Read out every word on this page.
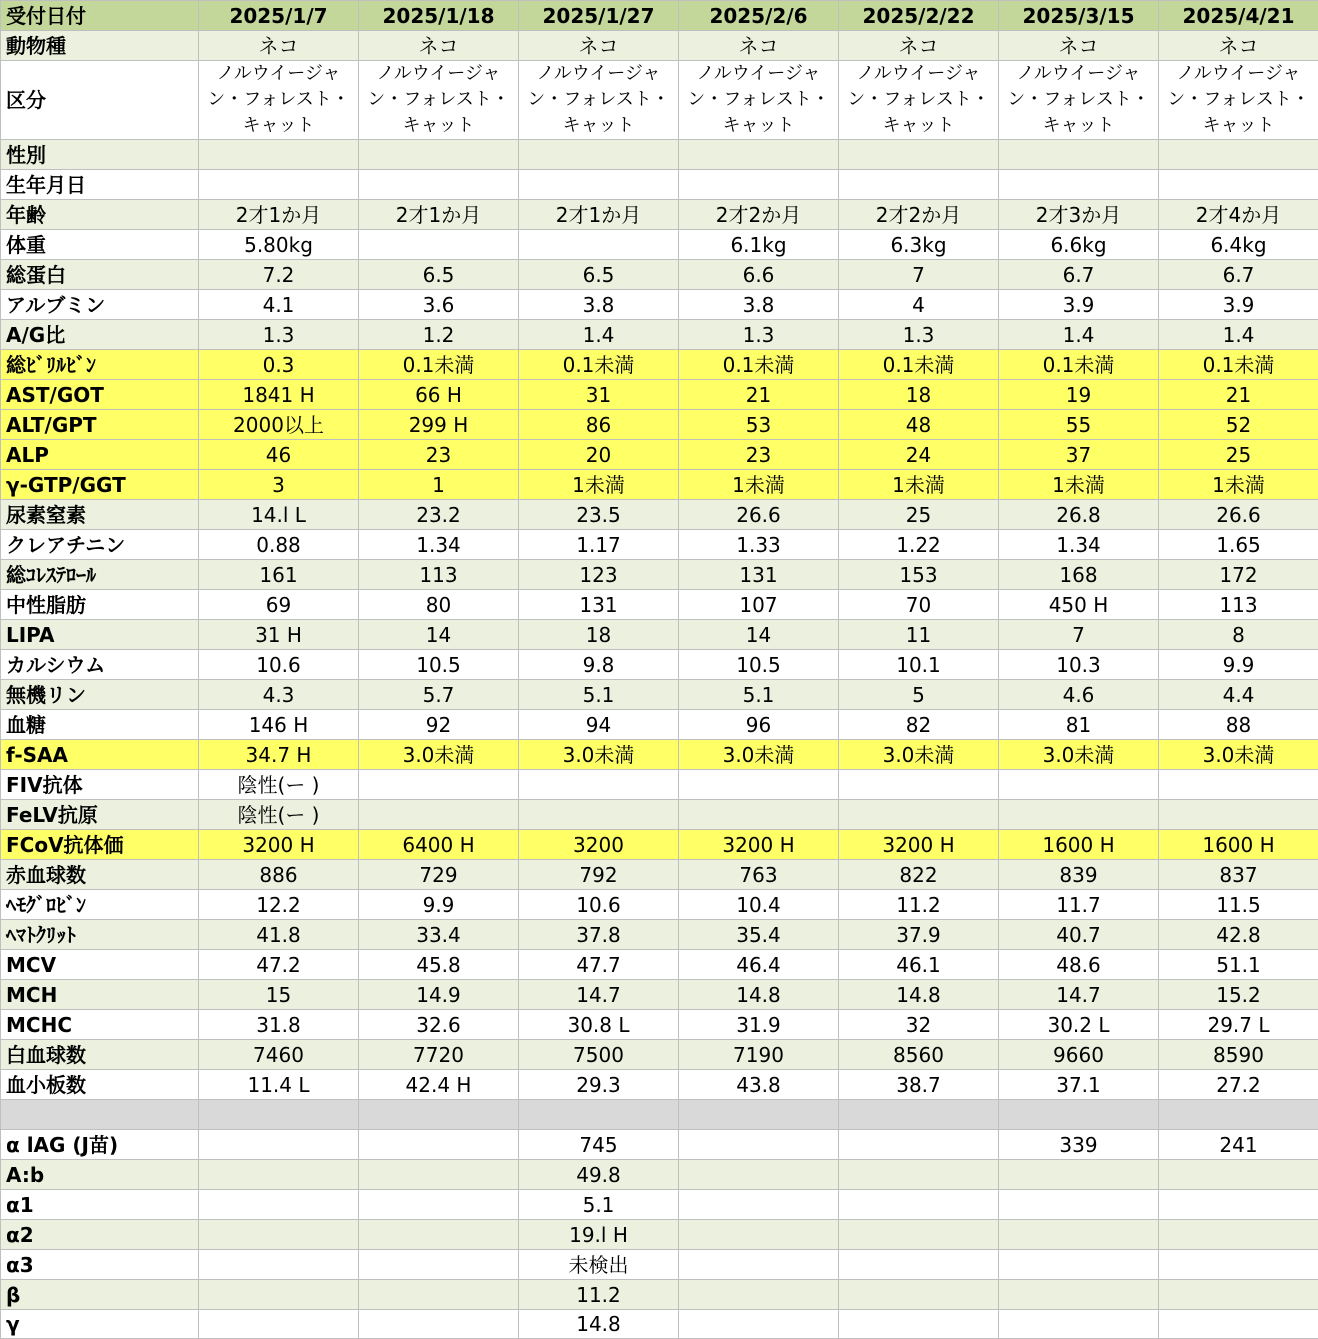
受付日付	2025/1/7	2025/1/18	2025/1/27	2025/2/6	2025/2/22	2025/3/15	2025/4/21
動物種	ネコ	ネコ	ネコ	ネコ	ネコ	ネコ	ネコ
区分	ノルウイージャン・フォレスト・キャット	ノルウイージャン・フォレスト・キャット	ノルウイージャン・フォレスト・キャット	ノルウイージャン・フォレスト・キャット	ノルウイージャン・フォレスト・キャット	ノルウイージャン・フォレスト・キャット	ノルウイージャン・フォレスト・キャット
性別							
生年月日							
年齢	2才1か月	2才1か月	2才1か月	2才2か月	2才2か月	2才3か月	2才4か月
体重	5.80kg			6.1kg	6.3kg	6.6kg	6.4kg
総蛋白	7.2	6.5	6.5	6.6	7	6.7	6.7
アルブミン	4.1	3.6	3.8	3.8	4	3.9	3.9
A/G比	1.3	1.2	1.4	1.3	1.3	1.4	1.4
総ﾋﾞﾘﾙﾋﾞﾝ	0.3	0.1未満	0.1未満	0.1未満	0.1未満	0.1未満	0.1未満
AST/GOT	1841 H	66 H	31	21	18	19	21
ALT/GPT	2000以上	299 H	86	53	48	55	52
ALP	46	23	20	23	24	37	25
γ-GTP/GGT	3	1	1未満	1未満	1未満	1未満	1未満
尿素窒素	14.l L	23.2	23.5	26.6	25	26.8	26.6
クレアチニン	0.88	1.34	1.17	1.33	1.22	1.34	1.65
総ｺﾚｽﾃﾛｰﾙ	161	113	123	131	153	168	172
中性脂肪	69	80	131	107	70	450 H	113
LIPA	31 H	14	18	14	11	7	8
カルシウム	10.6	10.5	9.8	10.5	10.1	10.3	9.9
無機リン	4.3	5.7	5.1	5.1	5	4.6	4.4
血糖	146 H	92	94	96	82	81	88
f-SAA	34.7 H	3.0未満	3.0未満	3.0未満	3.0未満	3.0未満	3.0未満
FIV抗体	陰性(ー )						
FeLV抗原	陰性(ー )						
FCoV抗体価	3200 H	6400 H	3200	3200 H	3200 H	1600 H	1600 H
赤血球数	886	729	792	763	822	839	837
ﾍﾓｸﾞﾛﾋﾞﾝ	12.2	9.9	10.6	10.4	11.2	11.7	11.5
ﾍﾏﾄｸﾘｯﾄ	41.8	33.4	37.8	35.4	37.9	40.7	42.8
MCV	47.2	45.8	47.7	46.4	46.1	48.6	51.1
MCH	15	14.9	14.7	14.8	14.8	14.7	15.2
MCHC	31.8	32.6	30.8 L	31.9	32	30.2 L	29.7 L
白血球数	7460	7720	7500	7190	8560	9660	8590
血小板数	11.4 L	42.4 H	29.3	43.8	38.7	37.1	27.2

α lAG (J苗)			745			339	241
A:b			49.8				
α1			5.1				
α2			19.l H				
α3			未検出				
β			11.2				
γ			14.8				
